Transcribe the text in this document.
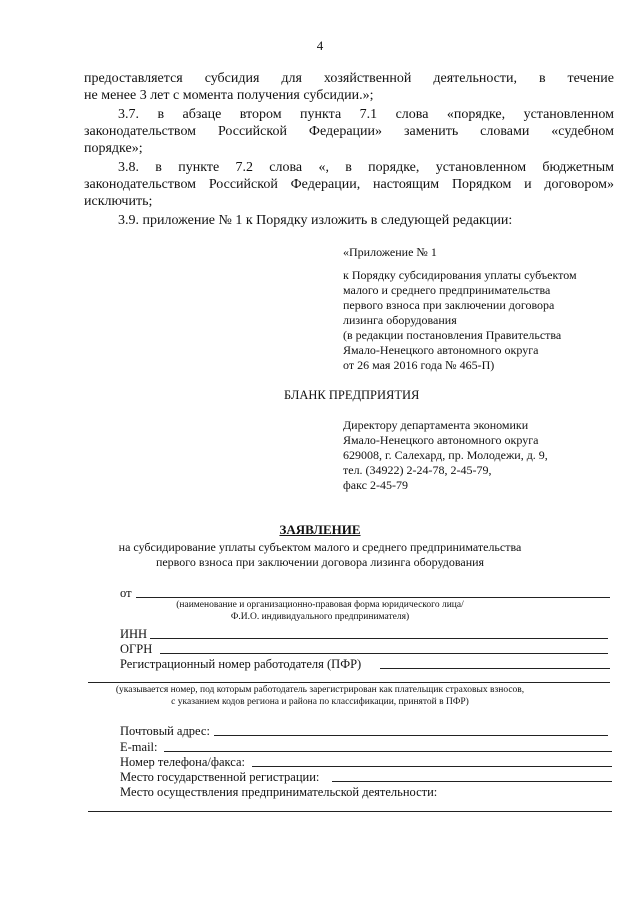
4
предоставляется субсидия для хозяйственной деятельности, в течение
не менее 3 лет с момента получения субсидии.»;
3.7. в абзаце втором пункта 7.1 слова «порядке, установленном
законодательством Российской Федерации» заменить словами «судебном
порядке»;
3.8. в пункте 7.2 слова «, в порядке, установленном бюджетным
законодательством Российской Федерации, настоящим Порядком и договором»
исключить;
3.9. приложение № 1 к Порядку изложить в следующей редакции:
«Приложение № 1
к Порядку субсидирования уплаты субъектом
малого и среднего предпринимательства
первого взноса при заключении договора
лизинга оборудования
(в редакции постановления Правительства
Ямало-Ненецкого автономного округа
от 26 мая 2016 года № 465-П)
БЛАНК ПРЕДПРИЯТИЯ
Директору департамента экономики
Ямало-Ненецкого автономного округа
629008, г. Салехард, пр. Молодежи, д. 9,
тел. (34922) 2-24-78, 2-45-79,
факс 2-45-79
ЗАЯВЛЕНИЕ
на субсидирование уплаты субъектом малого и среднего предпринимательства
первого взноса при заключении договора лизинга оборудования
от
(наименование и организационно-правовая форма юридического лица/
Ф.И.О. индивидуального предпринимателя)
ИНН
ОГРН
Регистрационный номер работодателя (ПФР)
(указывается номер, под которым работодатель зарегистрирован как плательщик страховых взносов,
с указанием кодов региона и района по классификации, принятой в ПФР)
Почтовый адрес:
E-mail:
Номер телефона/факса:
Место государственной регистрации:
Место осуществления предпринимательской деятельности:
